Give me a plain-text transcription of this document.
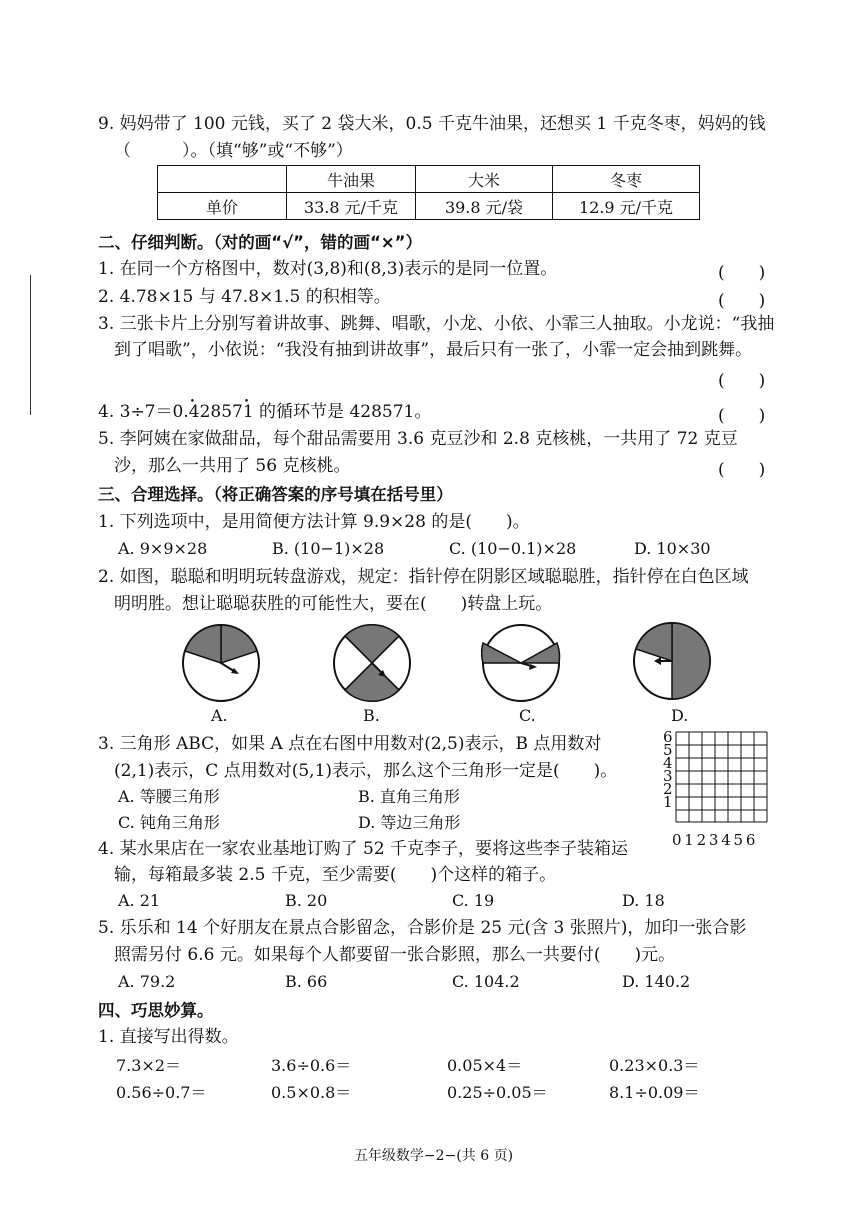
9. 妈妈带了 100 元钱，买了 2 袋大米，0.5 千克牛油果，还想买 1 千克冬枣，妈妈的钱
（　　　）。（填“够”或“不够”）
	牛油果	大米	冬枣
单价	33.8 元/千克	39.8 元/袋	12.9 元/千克
二、仔细判断。（对的画“√”，错的画“×”）
1. 在同一个方格图中，数对(3,8)和(8,3)表示的是同一位置。	(　　)
2. 4.78×15 与 47.8×1.5 的积相等。	(　　)
3. 三张卡片上分别写着讲故事、跳舞、唱歌，小龙、小依、小霏三人抽取。小龙说：“我抽
到了唱歌”，小依说：“我没有抽到讲故事”，最后只有一张了，小霏一定会抽到跳舞。
(　　)
4. 3÷7＝0.• 42857• 1 的循环节是 428571。	(　　)
5. 李阿姨在家做甜品，每个甜品需要用 3.6 克豆沙和 2.8 克核桃，一共用了 72 克豆
沙，那么一共用了 56 克核桃。	(　　)
三、合理选择。（将正确答案的序号填在括号里）
1. 下列选项中，是用简便方法计算 9.9×28 的是(　　)。
A. 9×9×28	B. (10−1)×28	C. (10−0.1)×28	D. 10×30
2. 如图，聪聪和明明玩转盘游戏，规定：指针停在阴影区域聪聪胜，指针停在白色区域
明明胜。想让聪聪获胜的可能性大，要在(　　)转盘上玩。
A.	B.	C.	D.
3. 三角形 ABC，如果 A 点在右图中用数对(2,5)表示，B 点用数对
(2,1)表示，C 点用数对(5,1)表示，那么这个三角形一定是(　　)。
A. 等腰三角形	B. 直角三角形
C. 钝角三角形	D. 等边三角形
6
5
4
3
2
1
0 1 2 3 4 5 6
4. 某水果店在一家农业基地订购了 52 千克李子，要将这些李子装箱运
输，每箱最多装 2.5 千克，至少需要(　　)个这样的箱子。
A. 21	B. 20	C. 19	D. 18
5. 乐乐和 14 个好朋友在景点合影留念，合影价是 25 元(含 3 张照片)，加印一张合影
照需另付 6.6 元。如果每个人都要留一张合影照，那么一共要付(　　)元。
A. 79.2	B. 66	C. 104.2	D. 140.2
四、巧思妙算。
1. 直接写出得数。
7.3×2＝	3.6÷0.6＝	0.05×4＝	0.23×0.3＝
0.56÷0.7＝	0.5×0.8＝	0.25÷0.05＝	8.1÷0.09＝
五年级数学−2−(共 6 页)
